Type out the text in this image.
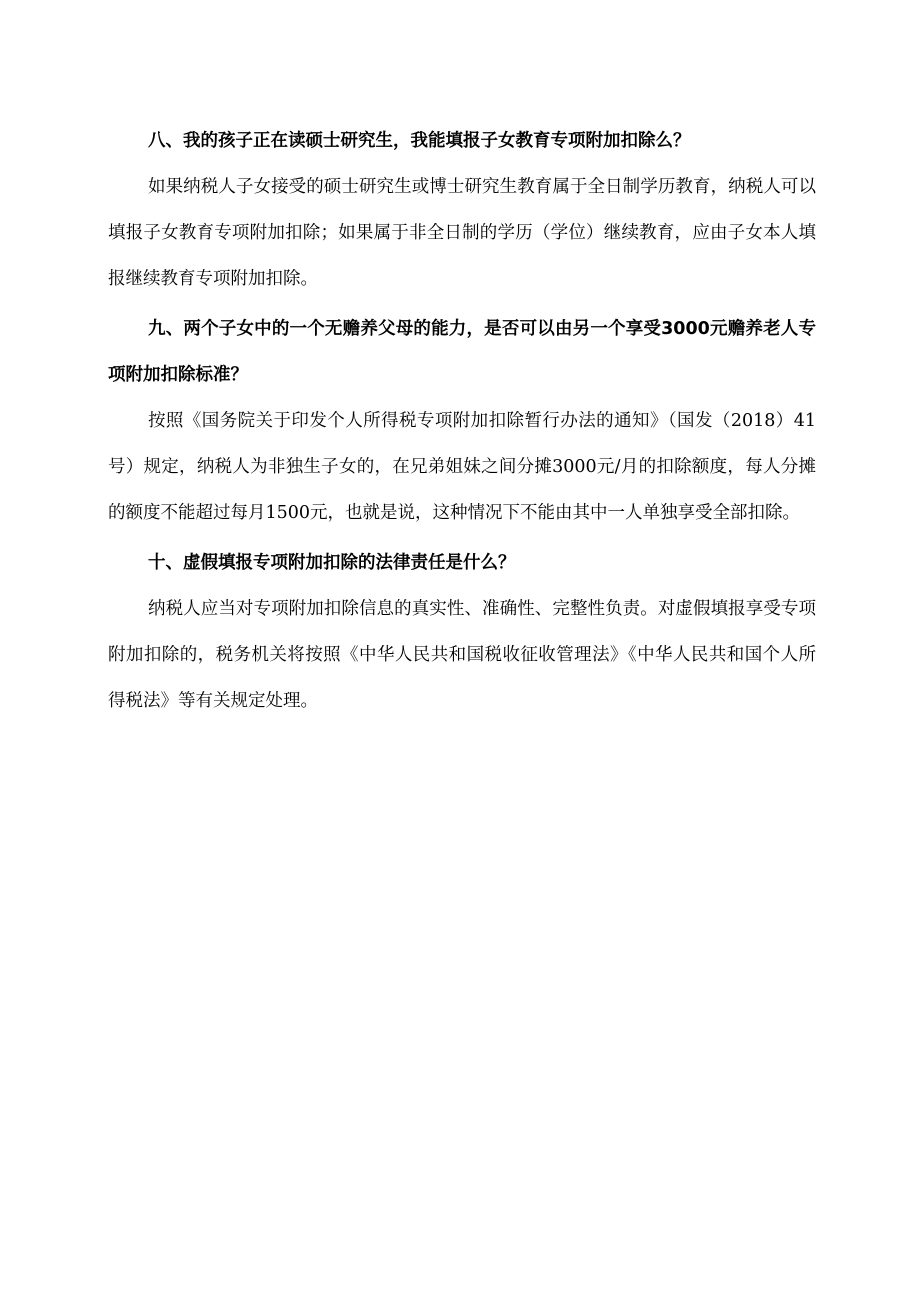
八、我的孩子正在读硕士研究生，我能填报子女教育专项附加扣除么？

如果纳税人子女接受的硕士研究生或博士研究生教育属于全日制学历教育，纳税人可以填报子女教育专项附加扣除；如果属于非全日制的学历（学位）继续教育，应由子女本人填报继续教育专项附加扣除。

九、两个子女中的一个无赡养父母的能力，是否可以由另一个享受3000元赡养老人专项附加扣除标准？

按照《国务院关于印发个人所得税专项附加扣除暂行办法的通知》（国发（2018）41号）规定，纳税人为非独生子女的，在兄弟姐妹之间分摊3000元/月的扣除额度，每人分摊的额度不能超过每月1500元，也就是说，这种情况下不能由其中一人单独享受全部扣除。

十、虚假填报专项附加扣除的法律责任是什么？

纳税人应当对专项附加扣除信息的真实性、准确性、完整性负责。对虚假填报享受专项附加扣除的，税务机关将按照《中华人民共和国税收征收管理法》《中华人民共和国个人所得税法》等有关规定处理。
